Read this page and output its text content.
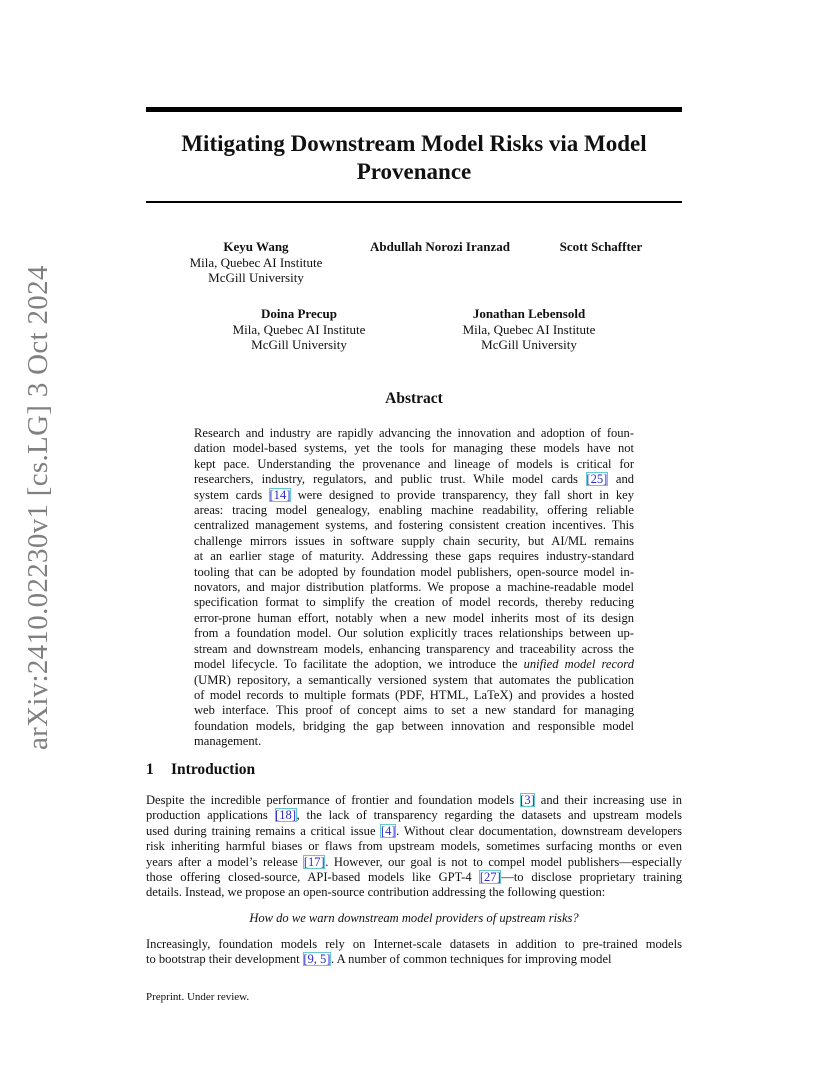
arXiv:2410.02230v1 [cs.LG] 3 Oct 2024
Mitigating Downstream Model Risks via Model
Provenance
Keyu Wang
Mila, Quebec AI Institute
McGill University
Abdullah Norozi Iranzad	Scott Schaffter
Doina Precup
Mila, Quebec AI Institute
McGill University
Jonathan Lebensold
Mila, Quebec AI Institute
McGill University
Abstract
Research and industry are rapidly advancing the innovation and adoption of foun-
dation model-based systems, yet the tools for managing these models have not
kept pace. Understanding the provenance and lineage of models is critical for
researchers, industry, regulators, and public trust. While model cards [25] and
system cards [14] were designed to provide transparency, they fall short in key
areas: tracing model genealogy, enabling machine readability, offering reliable
centralized management systems, and fostering consistent creation incentives. This
challenge mirrors issues in software supply chain security, but AI/ML remains
at an earlier stage of maturity. Addressing these gaps requires industry-standard
tooling that can be adopted by foundation model publishers, open-source model in-
novators, and major distribution platforms. We propose a machine-readable model
specification format to simplify the creation of model records, thereby reducing
error-prone human effort, notably when a new model inherits most of its design
from a foundation model. Our solution explicitly traces relationships between up-
stream and downstream models, enhancing transparency and traceability across the
model lifecycle. To facilitate the adoption, we introduce the unified model record
(UMR) repository, a semantically versioned system that automates the publication
of model records to multiple formats (PDF, HTML, LaTeX) and provides a hosted
web interface. This proof of concept aims to set a new standard for managing
foundation models, bridging the gap between innovation and responsible model
management.
1 Introduction
Despite the incredible performance of frontier and foundation models [3] and their increasing use in
production applications [18], the lack of transparency regarding the datasets and upstream models
used during training remains a critical issue [4]. Without clear documentation, downstream developers
risk inheriting harmful biases or flaws from upstream models, sometimes surfacing months or even
years after a model’s release [17]. However, our goal is not to compel model publishers—especially
those offering closed-source, API-based models like GPT-4 [27]—to disclose proprietary training
details. Instead, we propose an open-source contribution addressing the following question:
How do we warn downstream model providers of upstream risks?
Increasingly, foundation models rely on Internet-scale datasets in addition to pre-trained models
to bootstrap their development [9, 5]. A number of common techniques for improving model
Preprint. Under review.
